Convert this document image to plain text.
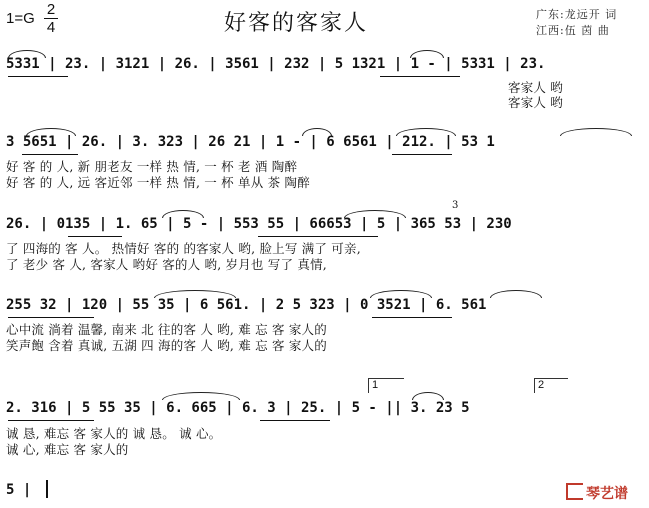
1=G
2
4	好客的客家人	广东:龙远开 词
江西:伍 茵 曲
5331 | 23. | 3121 | 26. | 3561 | 232 | 5 1321 | 1 - | 5331 | 23.
客家人 哟
客家人 哟
3 5651 | 26. | 3. 323 | 26 21 | 1 - | 6 6561 | 212. | 53 1
好 客 的 人, 新 朋老友 一样 热 情, 一 杯 老 酒 陶醉
好 客 的 人, 远 客近邻 一样 热 情, 一 杯 单从 茶 陶醉
3
26. | 0135 | 1. 65 | 5 - | 553 55 | 66653 | 5 | 365 53 | 230
了 四海的 客 人。 热情好 客的 的客家人 哟, 脸上写 满了 可亲,
了 老少 客 人, 客家人 哟好 客的人 哟, 岁月也 写了 真情,
255 32 | 120 | 55 35 | 6 561. | 2 5 323 | 0 3521 | 6. 561
心中流 淌着 温馨, 南来 北 往的客 人 哟, 难 忘 客 家人的
笑声飽 含着 真诚, 五湖 四 海的客 人 哟, 难 忘 客 家人的
1	2
2. 316 | 5 55 35 | 6. 665 | 6. 3 | 25. | 5 - || 3. 23 5
诚 恳, 难忘 客 家人的 诚 恳。 诚 心。
诚 心, 难忘 客 家人的
5 |	琴艺谱
